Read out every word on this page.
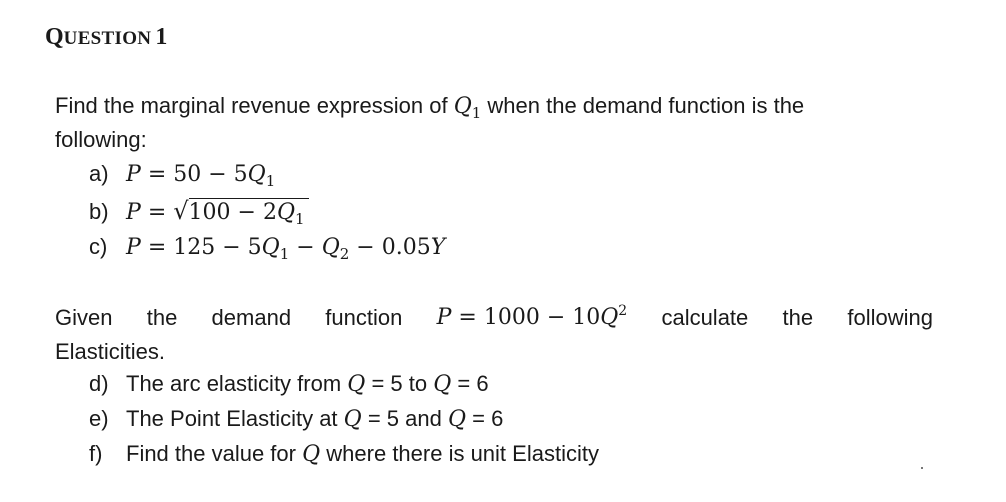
QUESTION 1
Find the marginal revenue expression of $Q_1$ when the demand function is the
following:
a) $P = 50 - 5Q_1$
b) $P = √100 - 2Q_1$
c) $P = 125 - 5Q_1 - Q_2 - 0.05Y$
Given the demand function $P = 1000 - 10Q^2$ calculate the following
Elasticities.
d) The arc elasticity from Q = 5 to Q = 6
e) The Point Elasticity at Q = 5 and Q = 6
f) Find the value for Q where there is unit Elasticity
